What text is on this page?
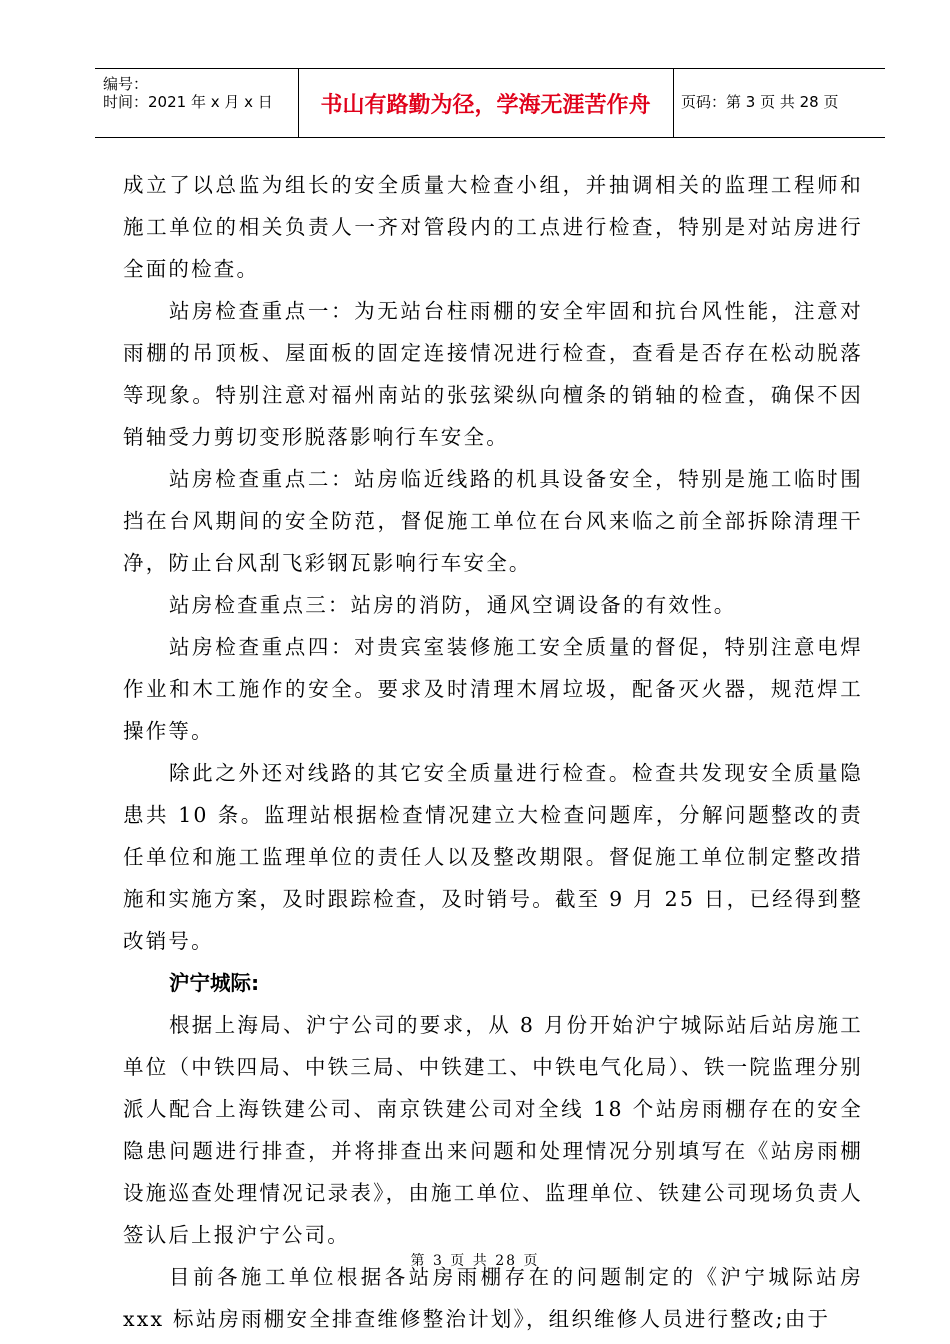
编号：
时间：2021 年 x 月 x 日	书山有路勤为径，学海无涯苦作舟	页码：第 3 页 共 28 页

成立了以总监为组长的安全质量大检查小组，并抽调相关的监理工程师和施工单位的相关负责人一齐对管段内的工点进行检查，特别是对站房进行全面的检查。

站房检查重点一：为无站台柱雨棚的安全牢固和抗台风性能，注意对雨棚的吊顶板、屋面板的固定连接情况进行检查，查看是否存在松动脱落等现象。特别注意对福州南站的张弦梁纵向檀条的销轴的检查，确保不因销轴受力剪切变形脱落影响行车安全。

站房检查重点二：站房临近线路的机具设备安全，特别是施工临时围挡在台风期间的安全防范，督促施工单位在台风来临之前全部拆除清理干净，防止台风刮飞彩钢瓦影响行车安全。

站房检查重点三：站房的消防，通风空调设备的有效性。

站房检查重点四：对贵宾室装修施工安全质量的督促，特别注意电焊作业和木工施作的安全。要求及时清理木屑垃圾，配备灭火器，规范焊工操作等。

除此之外还对线路的其它安全质量进行检查。检查共发现安全质量隐患共 10 条。监理站根据检查情况建立大检查问题库，分解问题整改的责任单位和施工监理单位的责任人以及整改期限。督促施工单位制定整改措施和实施方案，及时跟踪检查，及时销号。截至 9 月 25 日，已经得到整改销号。

沪宁城际:

根据上海局、沪宁公司的要求，从 8 月份开始沪宁城际站后站房施工单位（中铁四局、中铁三局、中铁建工、中铁电气化局）、铁一院监理分别派人配合上海铁建公司、南京铁建公司对全线 18 个站房雨棚存在的安全隐患问题进行排查，并将排查出来问题和处理情况分别填写在《站房雨棚设施巡查处理情况记录表》，由施工单位、监理单位、铁建公司现场负责人签认后上报沪宁公司。

目前各施工单位根据各站房雨棚存在的问题制定的《沪宁城际站房 xxx 标站房雨棚安全排查维修整治计划》，组织维修人员进行整改;由于

第 3 页 共 28 页
